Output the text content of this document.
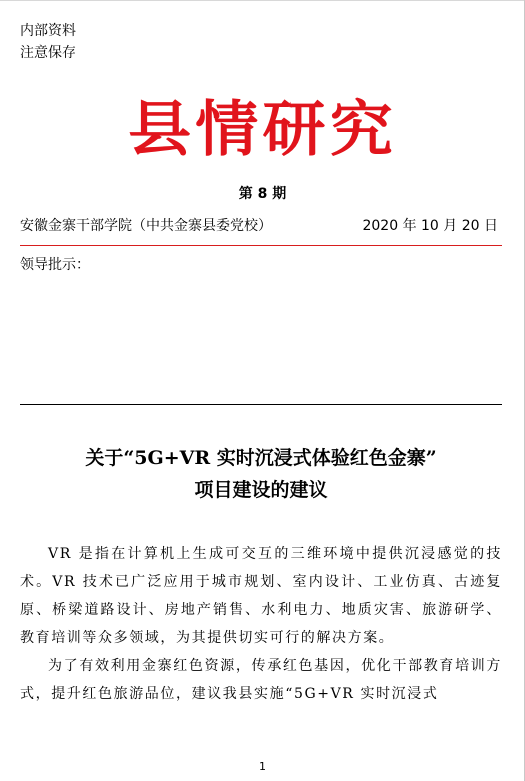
内部资料
注意保存
县情研究
第 8 期
安徽金寨干部学院（中共金寨县委党校）	2020 年 10 月 20 日
领导批示：
关于“5G+VR 实时沉浸式体验红色金寨”
项目建设的建议

VR 是指在计算机上生成可交互的三维环境中提供沉浸感觉的技术。VR 技术已广泛应用于城市规划、室内设计、工业仿真、古迹复原、桥梁道路设计、房地产销售、水利电力、地质灾害、旅游研学、教育培训等众多领域，为其提供切实可行的解决方案。

为了有效利用金寨红色资源，传承红色基因，优化干部教育培训方式，提升红色旅游品位，建议我县实施“5G+VR 实时沉浸式

1
